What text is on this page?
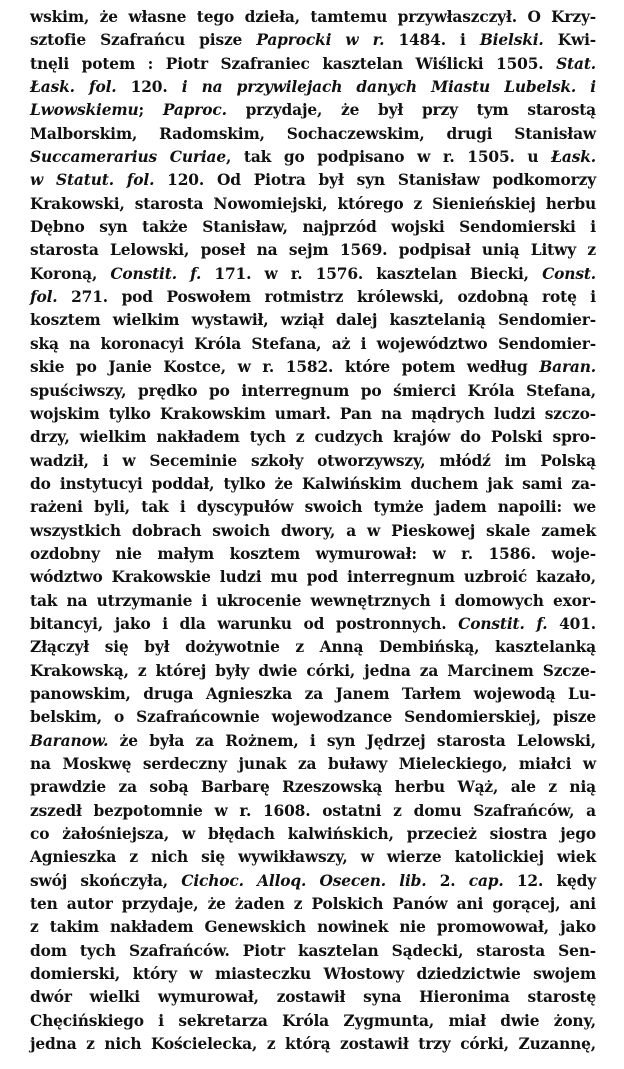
wskim, że własne tego dzieła, tamtemu przywłaszczył. O Krzy-
sztofie Szafrańcu pisze Paprocki w r. 1484. i Bielski. Kwi-
tnęli potem : Piotr Szafraniec kasztelan Wiślicki 1505. Stat.
Łask. fol. 120. i na przywilejach danych Miastu Lubelsk. i
Lwowskiemu; Paproc. przydaje, że był przy tym starostą
Malborskim, Radomskim, Sochaczewskim, drugi Stanisław
Succamerarius Curiae, tak go podpisano w r. 1505. u Łask.
w Statut. fol. 120. Od Piotra był syn Stanisław podkomorzy
Krakowski, starosta Nowomiejski, którego z Sienieńskiej herbu
Dębno syn także Stanisław, najprzód wojski Sendomierski i
starosta Lelowski, poseł na sejm 1569. podpisał unią Litwy z
Koroną, Constit. f. 171. w r. 1576. kasztelan Biecki, Const.
fol. 271. pod Poswołem rotmistrz królewski, ozdobną rotę i
kosztem wielkim wystawił, wziął dalej kasztelanią Sendomier-
ską na koronacyi Króla Stefana, aż i województwo Sendomier-
skie po Janie Kostce, w r. 1582. które potem według Baran.
spuściwszy, prędko po interregnum po śmierci Króla Stefana,
wojskim tylko Krakowskim umarł. Pan na mądrych ludzi szczo-
drzy, wielkim nakładem tych z cudzych krajów do Polski spro-
wadził, i w Seceminie szkoły otworzywszy, młódź im Polską
do instytucyi poddał, tylko że Kalwińskim duchem jak sami za-
rażeni byli, tak i dyscypułów swoich tymże jadem napoili: we
wszystkich dobrach swoich dwory, a w Pieskowej skale zamek
ozdobny nie małym kosztem wymurował: w r. 1586. woje-
wództwo Krakowskie ludzi mu pod interregnum uzbroić kazało,
tak na utrzymanie i ukrocenie wewnętrznych i domowych exor-
bitancyi, jako i dla warunku od postronnych. Constit. f. 401.
Złączył się był dożywotnie z Anną Dembińską, kasztelanką
Krakowską, z której były dwie córki, jedna za Marcinem Szcze-
panowskim, druga Agnieszka za Janem Tarłem wojewodą Lu-
belskim, o Szafrańcownie wojewodzance Sendomierskiej, pisze
Baranow. że była za Rożnem, i syn Jędrzej starosta Lelowski,
na Moskwę serdeczny junak za buławy Mieleckiego, miałci w
prawdzie za sobą Barbarę Rzeszowską herbu Wąż, ale z nią
zszedł bezpotomnie w r. 1608. ostatni z domu Szafrańców, a
co żałośniejsza, w błędach kalwińskich, przecież siostra jego
Agnieszka z nich się wywikławszy, w wierze katolickiej wiek
swój skończyła, Cichoc. Alloq. Osecen. lib. 2. cap. 12. kędy
ten autor przydaje, że żaden z Polskich Panów ani gorącej, ani
z takim nakładem Genewskich nowinek nie promowował, jako
dom tych Szafrańców. Piotr kasztelan Sądecki, starosta Sen-
domierski, który w miasteczku Włostowy dziedzictwie swojem
dwór wielki wymurował, zostawił syna Hieronima starostę
Chęcińskiego i sekretarza Króla Zygmunta, miał dwie żony,
jedna z nich Kościelecka, z którą zostawił trzy córki, Zuzannę,
